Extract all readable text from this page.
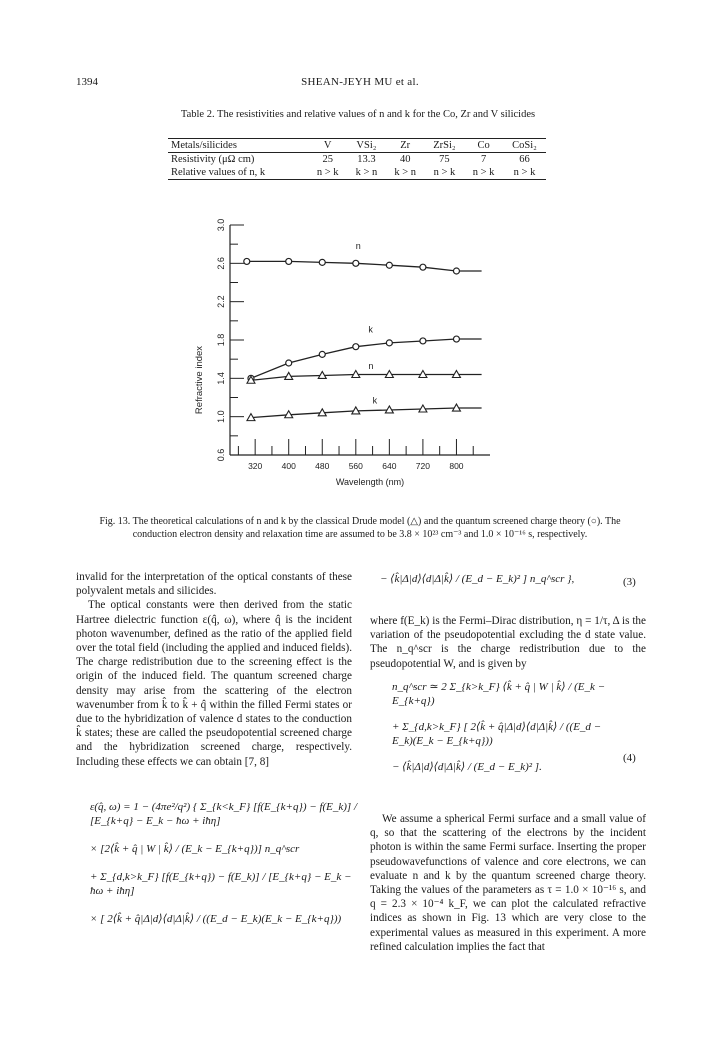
1394	SHEAN-JEYH MU et al.
Table 2. The resistivities and relative values of n and k for the Co, Zr and V silicides
Metals/silicides	V	VSi₂	Zr	ZrSi₂	Co	CoSi₂
Resistivity (μΩ cm)	25	13.3	40	75	7	66
Relative values of n, k	n > k	k > n	k > n	n > k	n > k	n > k
0.6
1.0
1.4
1.8
2.2
2.6
3.0
320 400 480 560 640 720 800
Wavelength (nm)
Refractive index
n
k
n
k
Fig. 13. The theoretical calculations of n and k by the classical Drude model (△) and the quantum screened charge theory (○). The conduction electron density and relaxation time are assumed to be 3.8 × 10²³ cm⁻³ and 1.0 × 10⁻¹⁶ s, respectively.

invalid for the interpretation of the optical constants of these polyvalent metals and silicides.

The optical constants were then derived from the static Hartree dielectric function ε(q̂, ω), where q̂ is the incident photon wavenumber, defined as the ratio of the applied field over the total field (including the applied and induced fields). The charge redistribution due to the screening effect is the origin of the induced field. The quantum screened charge density may arise from the scattering of the electron wavenumber from k̂ to k̂ + q̂ within the filled Fermi states or due to the hybridization of valence d states to the conduction k̂ states; these are called the pseudopotential screened charge and the hybridization screened charge, respectively. Including these effects we can obtain [7, 8]

ε(q̂, ω) = 1 − (4πe²/q²) { Σ_{k<k_F} [f(E_{k+q}) − f(E_k)] / [E_{k+q} − E_k − ħω + iħη]
× [2⟨k̂ + q̂ | W | k̂⟩ / (E_k − E_{k+q})] n_q^scr
+ Σ_{d,k>k_F} [f(E_{k+q}) − f(E_k)] / [E_{k+q} − E_k − ħω + iħη]
× [ 2⟨k̂ + q̂|Δ|d⟩⟨d|Δ|k̂⟩ / ((E_d − E_k)(E_k − E_{k+q}))
− ⟨k̂|Δ|d⟩⟨d|Δ|k̂⟩ / (E_d − E_k)² ] n_q^scr },	(3)

where f(E_k) is the Fermi–Dirac distribution, η = 1/τ, Δ is the variation of the pseudopotential excluding the d state value. The n_q^scr is the charge redistribution due to the pseudopotential W, and is given by

n_q^scr ≃ 2 Σ_{k>k_F} ⟨k̂ + q̂ | W | k̂⟩ / (E_k − E_{k+q})
+ Σ_{d,k>k_F} [ 2⟨k̂ + q̂|Δ|d⟩⟨d|Δ|k̂⟩ / ((E_d − E_k)(E_k − E_{k+q}))
− ⟨k̂|Δ|d⟩⟨d|Δ|k̂⟩ / (E_d − E_k)² ].
(4)

We assume a spherical Fermi surface and a small value of q, so that the scattering of the electrons by the incident photon is within the same Fermi surface. Inserting the proper pseudowavefunctions of valence and core electrons, we can evaluate n and k by the quantum screened charge theory. Taking the values of the parameters as τ = 1.0 × 10⁻¹⁶ s, and q = 2.3 × 10⁻⁴ k_F, we can plot the calculated refractive indices as shown in Fig. 13 which are very close to the experimental values as measured in this experiment. A more refined calculation implies the fact that
